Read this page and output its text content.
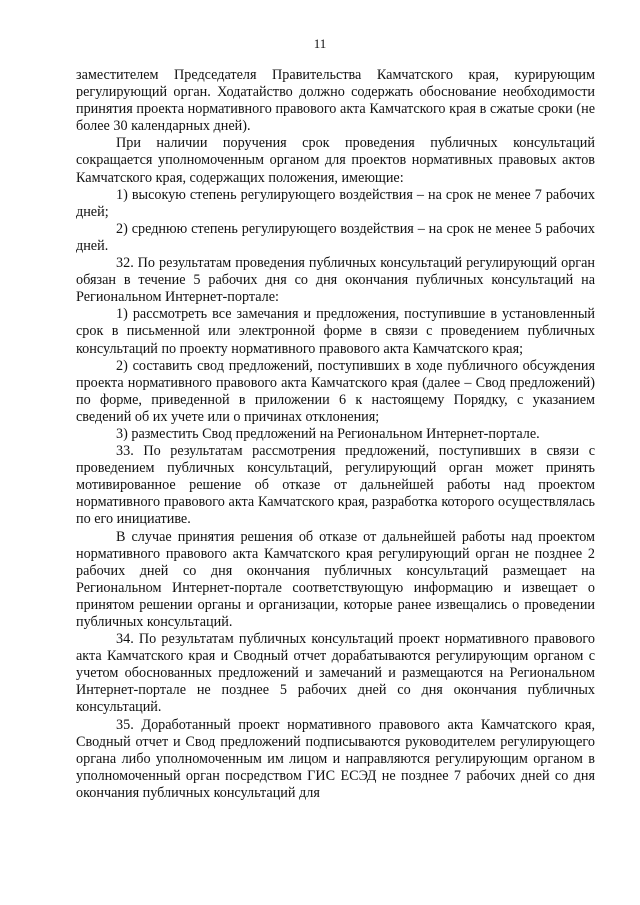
11

заместителем Председателя Правительства Камчатского края, курирующим регулирующий орган. Ходатайство должно содержать обоснование необходимости принятия проекта нормативного правового акта Камчатского края в сжатые сроки (не более 30 календарных дней).

При наличии поручения срок проведения публичных консультаций сокращается уполномоченным органом для проектов нормативных правовых актов Камчатского края, содержащих положения, имеющие:

1) высокую степень регулирующего воздействия – на срок не менее 7 рабочих дней;

2) среднюю степень регулирующего воздействия – на срок не менее 5 рабочих дней.

32. По результатам проведения публичных консультаций регулирующий орган обязан в течение 5 рабочих дня со дня окончания публичных консультаций на Региональном Интернет-портале:

1) рассмотреть все замечания и предложения, поступившие в установленный срок в письменной или электронной форме в связи с проведением публичных консультаций по проекту нормативного правового акта Камчатского края;

2) составить свод предложений, поступивших в ходе публичного обсуждения проекта нормативного правового акта Камчатского края (далее – Свод предложений) по форме, приведенной в приложении 6 к настоящему Порядку, с указанием сведений об их учете или о причинах отклонения;

3) разместить Свод предложений на Региональном Интернет-портале.

33. По результатам рассмотрения предложений, поступивших в связи с проведением публичных консультаций, регулирующий орган может принять мотивированное решение об отказе от дальнейшей работы над проектом нормативного правового акта Камчатского края, разработка которого осуществлялась по его инициативе.

В случае принятия решения об отказе от дальнейшей работы над проектом нормативного правового акта Камчатского края регулирующий орган не позднее 2 рабочих дней со дня окончания публичных консультаций размещает на Региональном Интернет-портале соответствующую информацию и извещает о принятом решении органы и организации, которые ранее извещались о проведении публичных консультаций.

34. По результатам публичных консультаций проект нормативного правового акта Камчатского края и Сводный отчет дорабатываются регулирующим органом с учетом обоснованных предложений и замечаний и размещаются на Региональном Интернет-портале не позднее 5 рабочих дней со дня окончания публичных консультаций.

35. Доработанный проект нормативного правового акта Камчатского края, Сводный отчет и Свод предложений подписываются руководителем регулирующего органа либо уполномоченным им лицом и направляются регулирующим органом в уполномоченный орган посредством ГИС ЕСЭД не позднее 7 рабочих дней со дня окончания публичных консультаций для
